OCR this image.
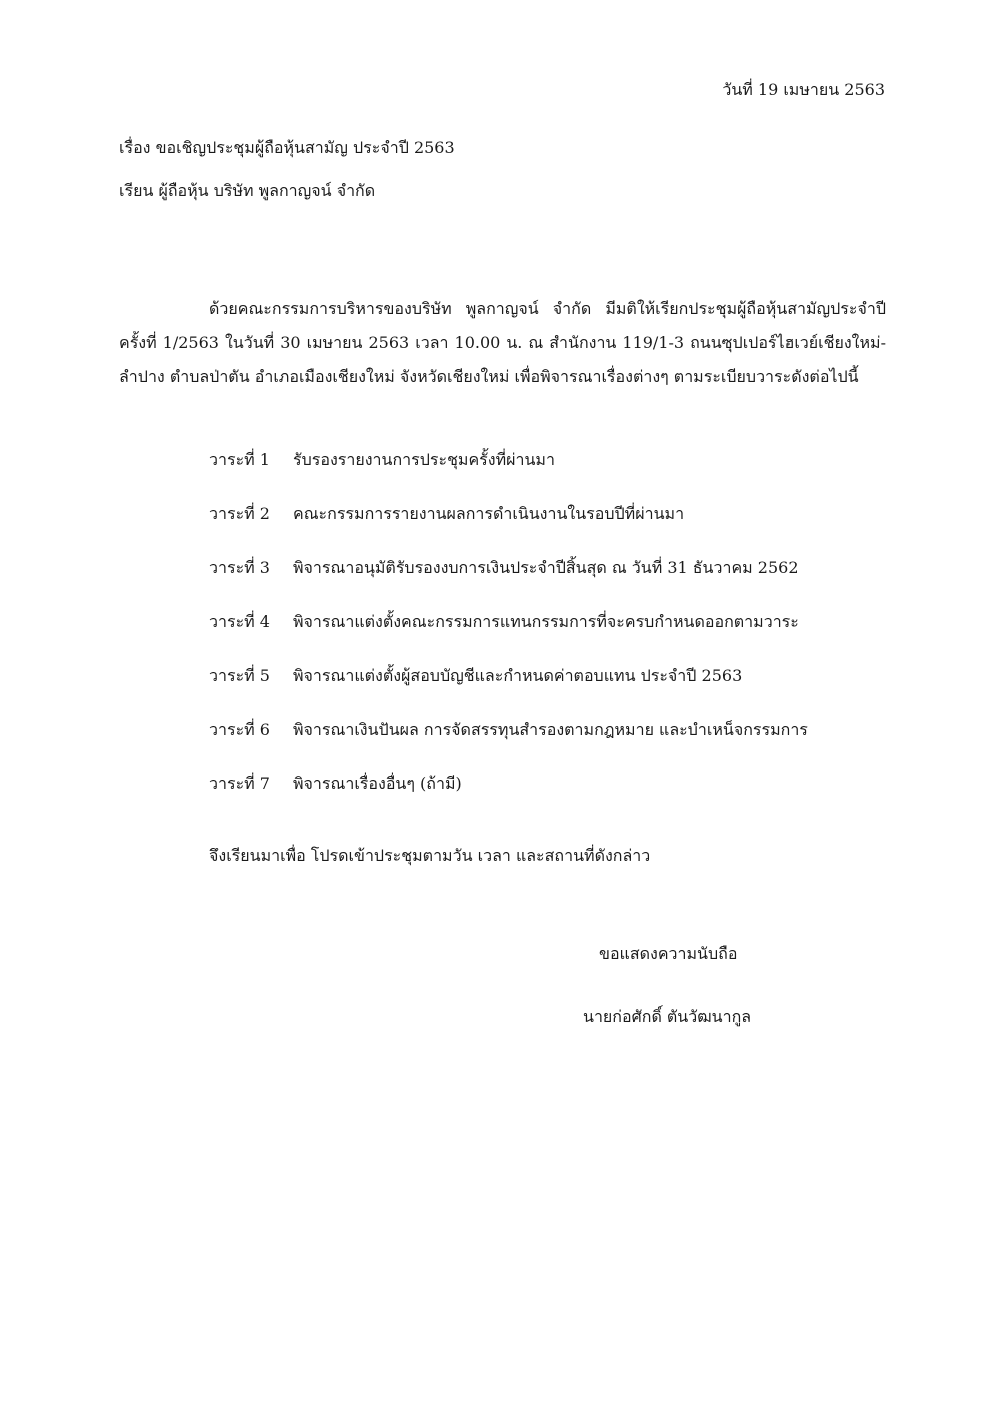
วันที่ 19 เมษายน 2563
เรื่อง ขอเชิญประชุมผู้ถือหุ้นสามัญ ประจำปี 2563
เรียน ผู้ถือหุ้น บริษัท พูลกาญจน์ จำกัด
ด้วยคณะกรรมการบริหารของบริษัท พูลกาญจน์ จำกัด มีมติให้เรียกประชุมผู้ถือหุ้นสามัญประจำปี ครั้งที่ 1/2563 ในวันที่ 30 เมษายน 2563 เวลา 10.00 น. ณ สำนักงาน 119/1-3 ถนนซุปเปอร์ไฮเวย์เชียงใหม่-ลำปาง ตำบลป่าตัน อำเภอเมืองเชียงใหม่ จังหวัดเชียงใหม่ เพื่อพิจารณาเรื่องต่างๆ ตามระเบียบวาระดังต่อไปนี้
วาระที่ 1	รับรองรายงานการประชุมครั้งที่ผ่านมา
วาระที่ 2	คณะกรรมการรายงานผลการดำเนินงานในรอบปีที่ผ่านมา
วาระที่ 3	พิจารณาอนุมัติรับรองงบการเงินประจำปีสิ้นสุด ณ วันที่ 31 ธันวาคม 2562
วาระที่ 4	พิจารณาแต่งตั้งคณะกรรมการแทนกรรมการที่จะครบกำหนดออกตามวาระ
วาระที่ 5	พิจารณาแต่งตั้งผู้สอบบัญชีและกำหนดค่าตอบแทน ประจำปี 2563
วาระที่ 6	พิจารณาเงินปันผล การจัดสรรทุนสำรองตามกฎหมาย และบำเหน็จกรรมการ
วาระที่ 7	พิจารณาเรื่องอื่นๆ (ถ้ามี)
จึงเรียนมาเพื่อ โปรดเข้าประชุมตามวัน เวลา และสถานที่ดังกล่าว
ขอแสดงความนับถือ
นายก่อศักดิ์ ตันวัฒนากูล
